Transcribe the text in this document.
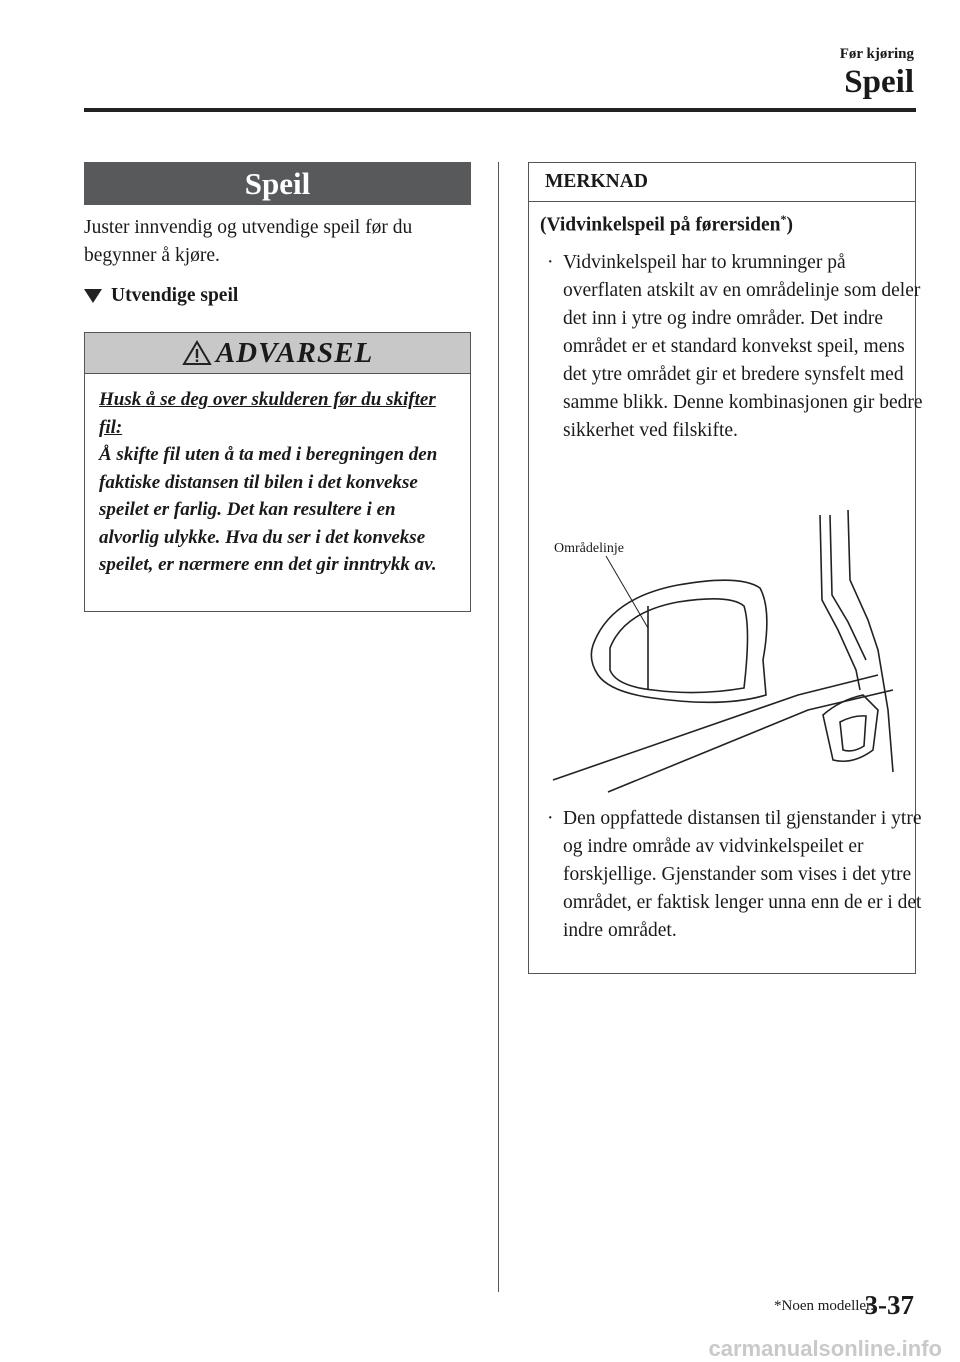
Før kjøring
Speil
Speil
Juster innvendig og utvendige speil før du begynner å kjøre.
Utvendige speil
ADVARSEL
Husk å se deg over skulderen før du skifter fil:
Å skifte fil uten å ta med i beregningen den faktiske distansen til bilen i det konvekse speilet er farlig. Det kan resultere i en alvorlig ulykke. Hva du ser i det konvekse speilet, er nærmere enn det gir inntrykk av.
MERKNAD
(Vidvinkelspeil på førersiden*)
· Vidvinkelspeil har to krumninger på overflaten atskilt av en områdelinje som deler det inn i ytre og indre områder. Det indre området er et standard konvekst speil, mens det ytre området gir et bredere synsfelt med samme blikk. Denne kombinasjonen gir bedre sikkerhet ved filskifte.
· Den oppfattede distansen til gjenstander i ytre og indre område av vidvinkelspeilet er forskjellige. Gjenstander som vises i det ytre området, er faktisk lenger unna enn de er i det indre området.
Områdelinje
*Noen modeller.
3-37
carmanualsonline.info
